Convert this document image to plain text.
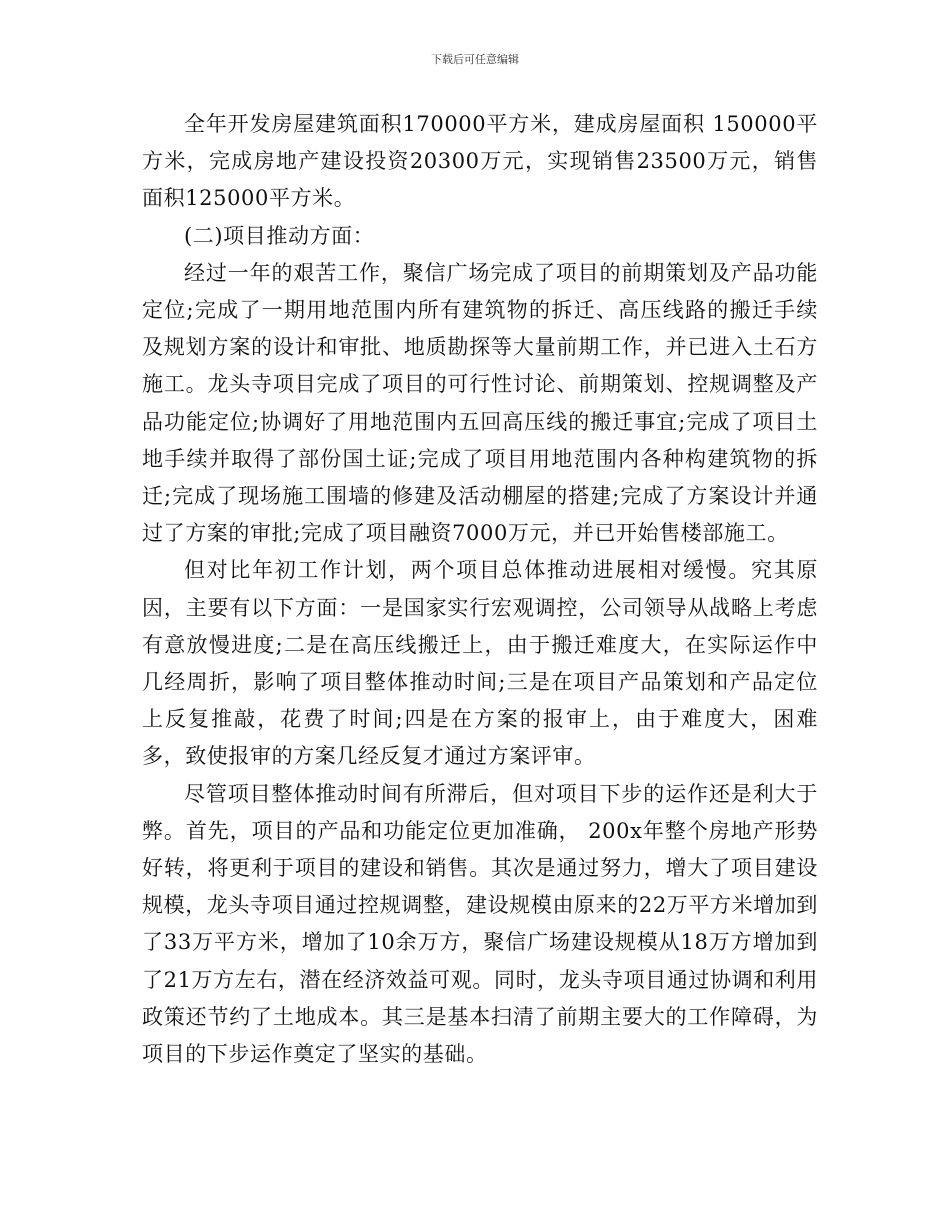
下载后可任意编辑

全年开发房屋建筑面积170000平方米，建成房屋面积 150000平方米，完成房地产建设投资20300万元，实现销售23500万元，销售面积125000平方米。

(二)项目推动方面：

经过一年的艰苦工作，聚信广场完成了项目的前期策划及产品功能定位;完成了一期用地范围内所有建筑物的拆迁、高压线路的搬迁手续及规划方案的设计和审批、地质勘探等大量前期工作，并已进入土石方施工。龙头寺项目完成了项目的可行性讨论、前期策划、控规调整及产品功能定位;协调好了用地范围内五回高压线的搬迁事宜;完成了项目土地手续并取得了部份国土证;完成了项目用地范围内各种构建筑物的拆迁;完成了现场施工围墙的修建及活动棚屋的搭建;完成了方案设计并通过了方案的审批;完成了项目融资7000万元，并已开始售楼部施工。

但对比年初工作计划，两个项目总体推动进展相对缓慢。究其原因，主要有以下方面：一是国家实行宏观调控，公司领导从战略上考虑有意放慢进度;二是在高压线搬迁上，由于搬迁难度大，在实际运作中几经周折，影响了项目整体推动时间;三是在项目产品策划和产品定位上反复推敲，花费了时间;四是在方案的报审上，由于难度大，困难多，致使报审的方案几经反复才通过方案评审。

尽管项目整体推动时间有所滞后，但对项目下步的运作还是利大于弊。首先，项目的产品和功能定位更加准确， 200x年整个房地产形势好转，将更利于项目的建设和销售。其次是通过努力，增大了项目建设规模，龙头寺项目通过控规调整，建设规模由原来的22万平方米增加到了33万平方米，增加了10余万方，聚信广场建设规模从18万方增加到了21万方左右，潜在经济效益可观。同时，龙头寺项目通过协调和利用政策还节约了土地成本。其三是基本扫清了前期主要大的工作障碍，为项目的下步运作奠定了坚实的基础。
